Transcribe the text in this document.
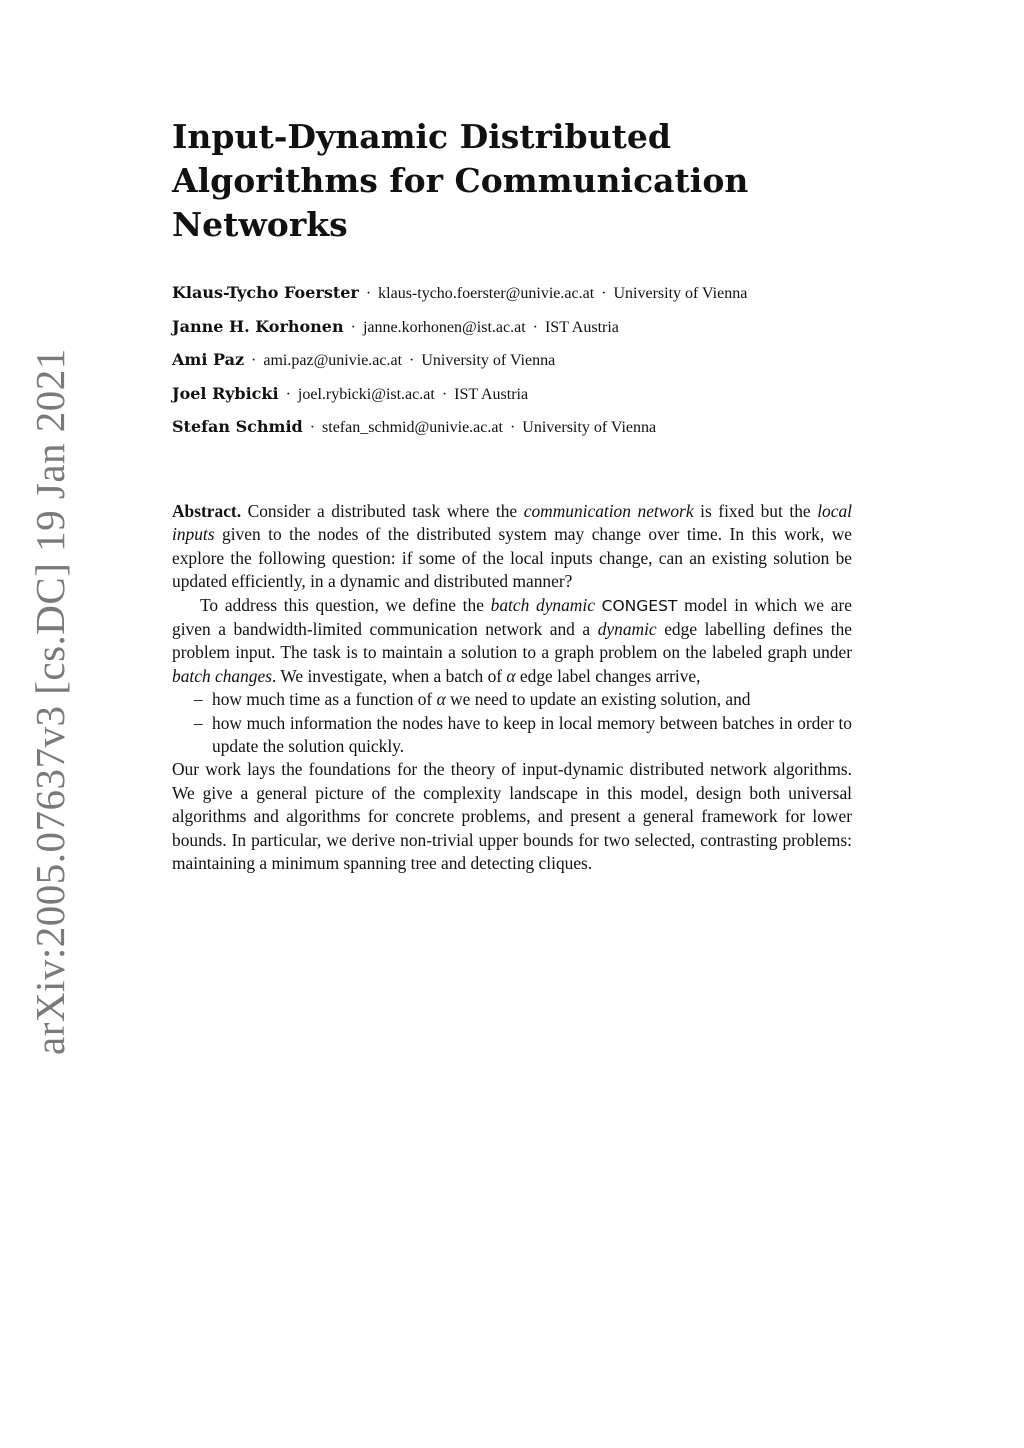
arXiv:2005.07637v3 [cs.DC] 19 Jan 2021
Input-Dynamic Distributed
Algorithms for Communication
Networks
Klaus-Tycho Foerster · klaus-tycho.foerster@univie.ac.at · University of Vienna
Janne H. Korhonen · janne.korhonen@ist.ac.at · IST Austria
Ami Paz · ami.paz@univie.ac.at · University of Vienna
Joel Rybicki · joel.rybicki@ist.ac.at · IST Austria
Stefan Schmid · stefan_schmid@univie.ac.at · University of Vienna

Abstract. Consider a distributed task where the communication network is fixed but the local inputs given to the nodes of the distributed system may change over time. In this work, we explore the following question: if some of the local inputs change, can an existing solution be updated efficiently, in a dynamic and distributed manner?

To address this question, we define the batch dynamic CONGEST model in which we are given a bandwidth-limited communication network and a dynamic edge labelling defines the problem input. The task is to maintain a solution to a graph problem on the labeled graph under batch changes. We investigate, when a batch of α edge label changes arrive,

– how much time as a function of α we need to update an existing solution, and
– how much information the nodes have to keep in local memory between batches in order to update the solution quickly.

Our work lays the foundations for the theory of input-dynamic distributed network algorithms. We give a general picture of the complexity landscape in this model, design both universal algorithms and algorithms for concrete problems, and present a general framework for lower bounds. In particular, we derive non-trivial upper bounds for two selected, contrasting problems: maintaining a minimum spanning tree and detecting cliques.
